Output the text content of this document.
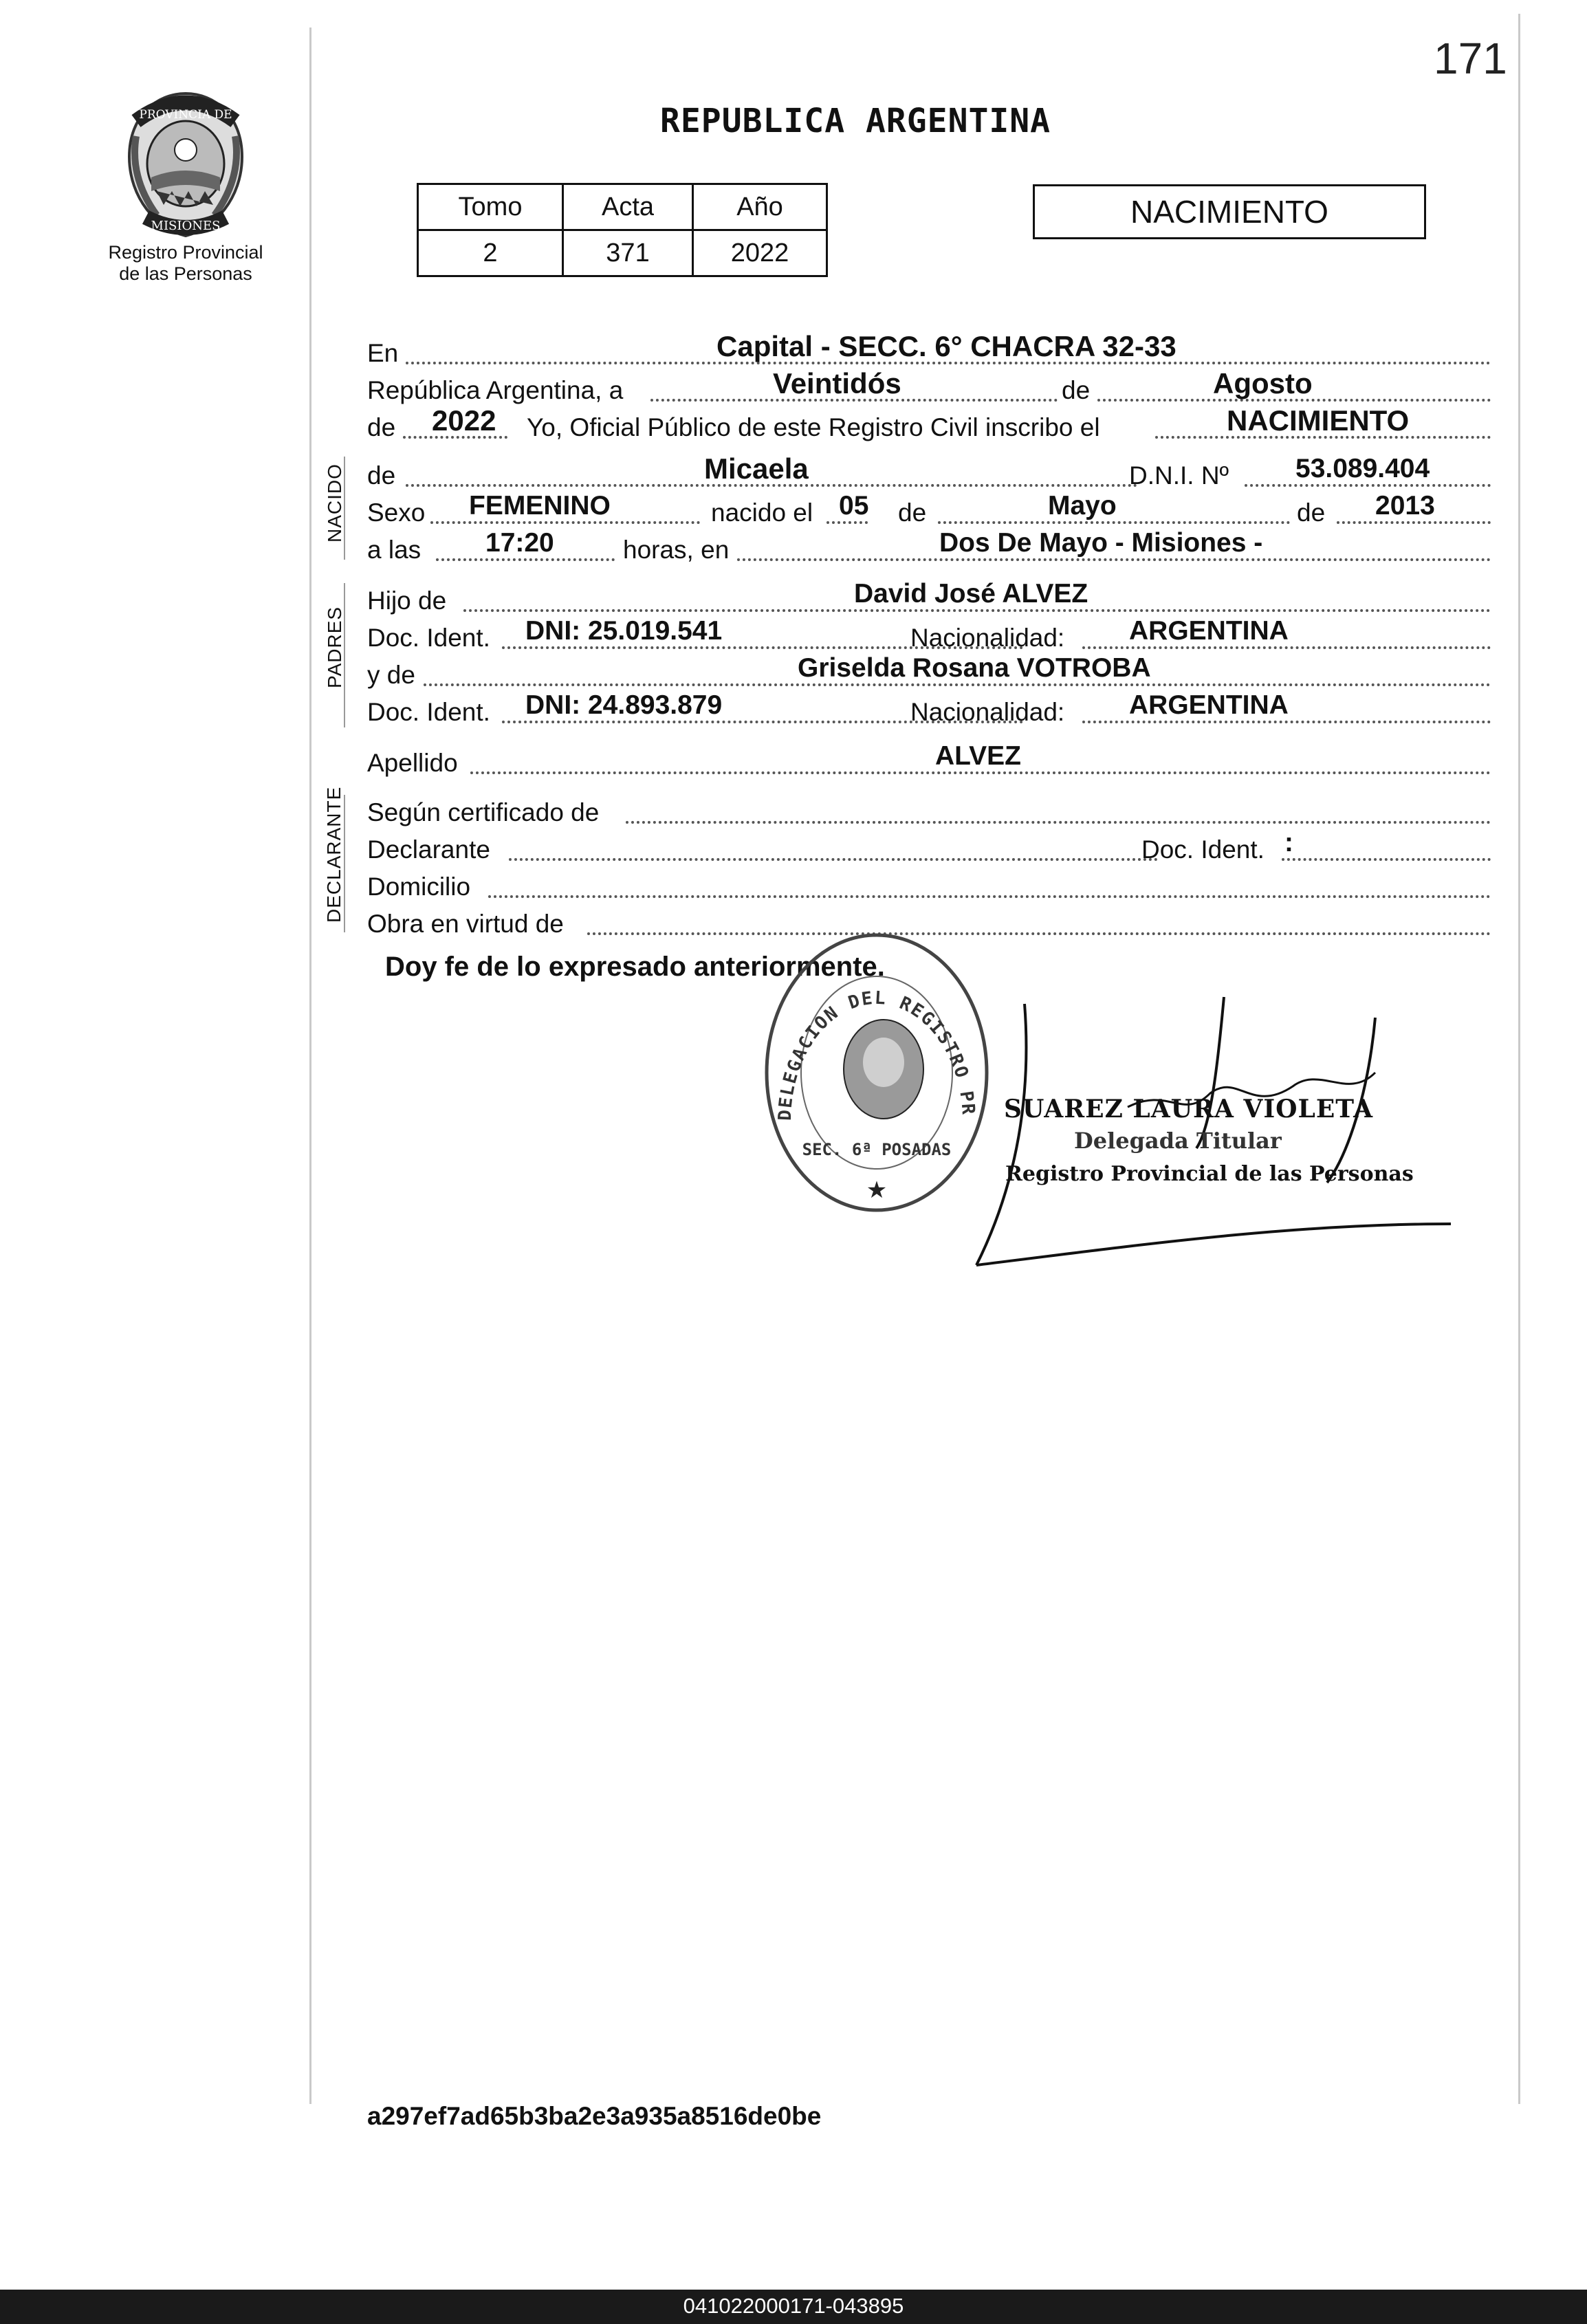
171
PROVINCIA DE
MISIONES
Registro Provincial
de las Personas
REPUBLICA ARGENTINA
Tomo	Acta	Año
2	371	2022
NACIMIENTO
En	Capital - SECC. 6° CHACRA 32-33
República Argentina, a	Veintidós	de	Agosto
de 2022 Yo, Oficial Público de este Registro Civil inscribo el	NACIMIENTO
de	Micaela	D.N.I. Nº 53.089.404
Sexo FEMENINO	nacido el 05 de	Mayo	de 2013
a las 17:20	horas, en	Dos De Mayo - Misiones -
Hijo de	David José ALVEZ
Doc. Ident. DNI: 25.019.541	Nacionalidad: ARGENTINA
y de	Griselda Rosana VOTROBA
Doc. Ident. DNI: 24.893.879	Nacionalidad: ARGENTINA
Apellido	ALVEZ
Según certificado de
Declarante	Doc. Ident. :
Domicilio
Obra en virtud de
NACIDO
PADRES
DECLARANTE
Doy fe de lo expresado anteriormente.
DELEGACION DEL REGISTRO PR
SEC. 6ª POSADAS
★
SUAREZ LAURA VIOLETA
Delegada Titular
Registro Provincial de las Personas
a297ef7ad65b3ba2e3a935a8516de0be
041022000171-043895
